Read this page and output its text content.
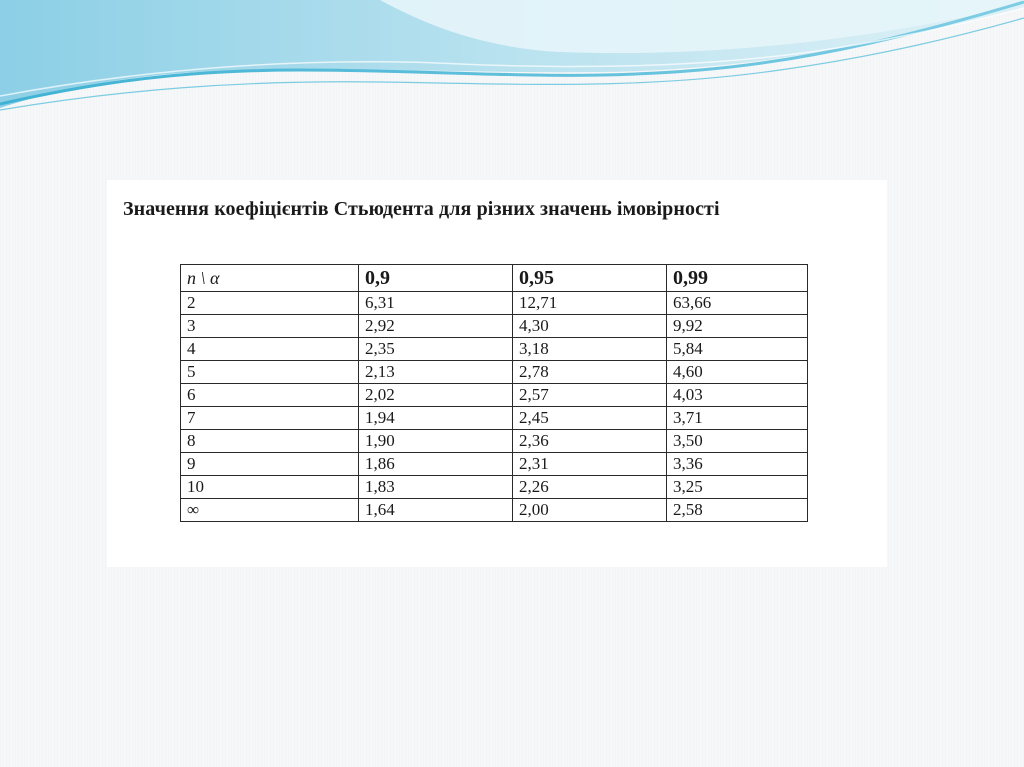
Значення коефіцієнтів Стьюдента для різних значень імовірності
n \ α	0,9	0,95	0,99
2	6,31	12,71	63,66
3	2,92	4,30	9,92
4	2,35	3,18	5,84
5	2,13	2,78	4,60
6	2,02	2,57	4,03
7	1,94	2,45	3,71
8	1,90	2,36	3,50
9	1,86	2,31	3,36
10	1,83	2,26	3,25
∞	1,64	2,00	2,58
